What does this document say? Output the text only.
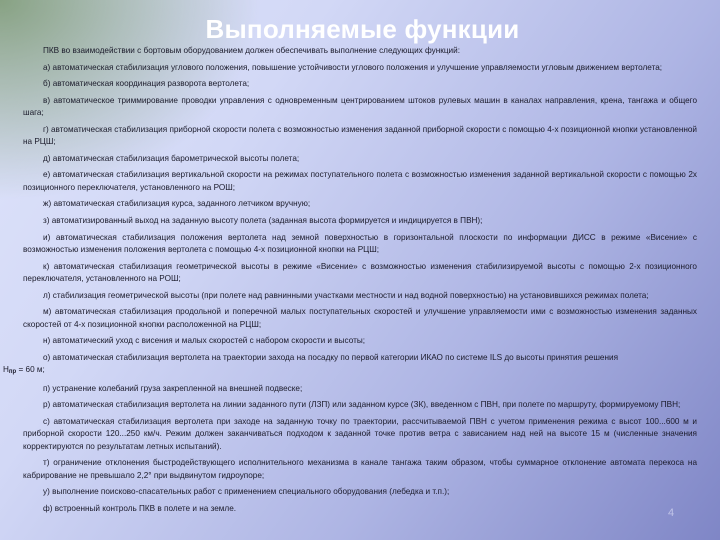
Выполняемые функции

ПКВ во взаимодействии с бортовым оборудованием должен обеспечивать выполнение следующих функций:

а) автоматическая стабилизация углового положения, повышение устойчивости углового положения и улучшение управляемости угловым движением вертолета;

б) автоматическая координация разворота вертолета;

в) автоматическое триммирование проводки управления с одновременным центрированием штоков рулевых машин в каналах направления, крена, тангажа и общего шага;

г) автоматическая стабилизация приборной скорости полета с возможностью изменения заданной приборной скорости с помощью 4-х позиционной кнопки установленной на РЦШ;

д) автоматическая стабилизация барометрической высоты полета;

е) автоматическая стабилизация вертикальной скорости на режимах поступательного полета с возможностью изменения заданной вертикальной скорости с помощью 2х позиционного переключателя, установленного на РОШ;

ж) автоматическая стабилизация курса, заданного летчиком вручную;

з) автоматизированный выход на заданную высоту полета (заданная высота формируется и индицируется в ПВН);

и) автоматическая стабилизация положения вертолета над земной поверхностью в горизонтальной плоскости по информации ДИСС в режиме «Висение» с возможностью изменения положения вертолета с помощью 4-х позиционной кнопки на РЦШ;

к) автоматическая стабилизация геометрической высоты в режиме «Висение» с возможностью изменения стабилизируемой высоты с помощью 2-х позиционного переключателя, установленного на РОШ;

л) стабилизация геометрической высоты (при полете над равнинными участками местности и над водной поверхностью) на установившихся режимах полета;

м) автоматическая стабилизация продольной и поперечной малых поступательных скоростей и улучшение управляемости ими с возможностью изменения заданных скоростей от 4-х позиционной кнопки расположенной на РЦШ;

н) автоматический уход с висения и малых скоростей с набором скорости и высоты;

о) автоматическая стабилизация вертолета на траектории захода на посадку по первой категории ИКАО по системе ILS до высоты принятия решения
$H_{пр} = 60$ м;

п) устранение колебаний груза закрепленной на внешней подвеске;

р) автоматическая стабилизация вертолета на линии заданного пути (ЛЗП) или заданном курсе (ЗК), введенном с ПВН, при полете по маршруту, формируемому ПВН;

с) автоматическая стабилизация вертолета при заходе на заданную точку по траектории, рассчитываемой ПВН с учетом применения режима с высот 100...600 м и приборной скорости 120...250 км/ч. Режим должен заканчиваться подходом к заданной точке против ветра с зависанием над ней на высоте 15 м (численные значения корректируются по результатам летных испытаний).

т) ограничение отклонения быстродействующего исполнительного механизма в канале тангажа таким образом, чтобы суммарное отклонение автомата перекоса на кабрирование не превышало 2,2° при выдвинутом гидроупоре;

у) выполнение поисково-спасательных работ с применением специального оборудования (лебедка и т.п.);

ф) встроенный контроль ПКВ в полете и на земле.	4
